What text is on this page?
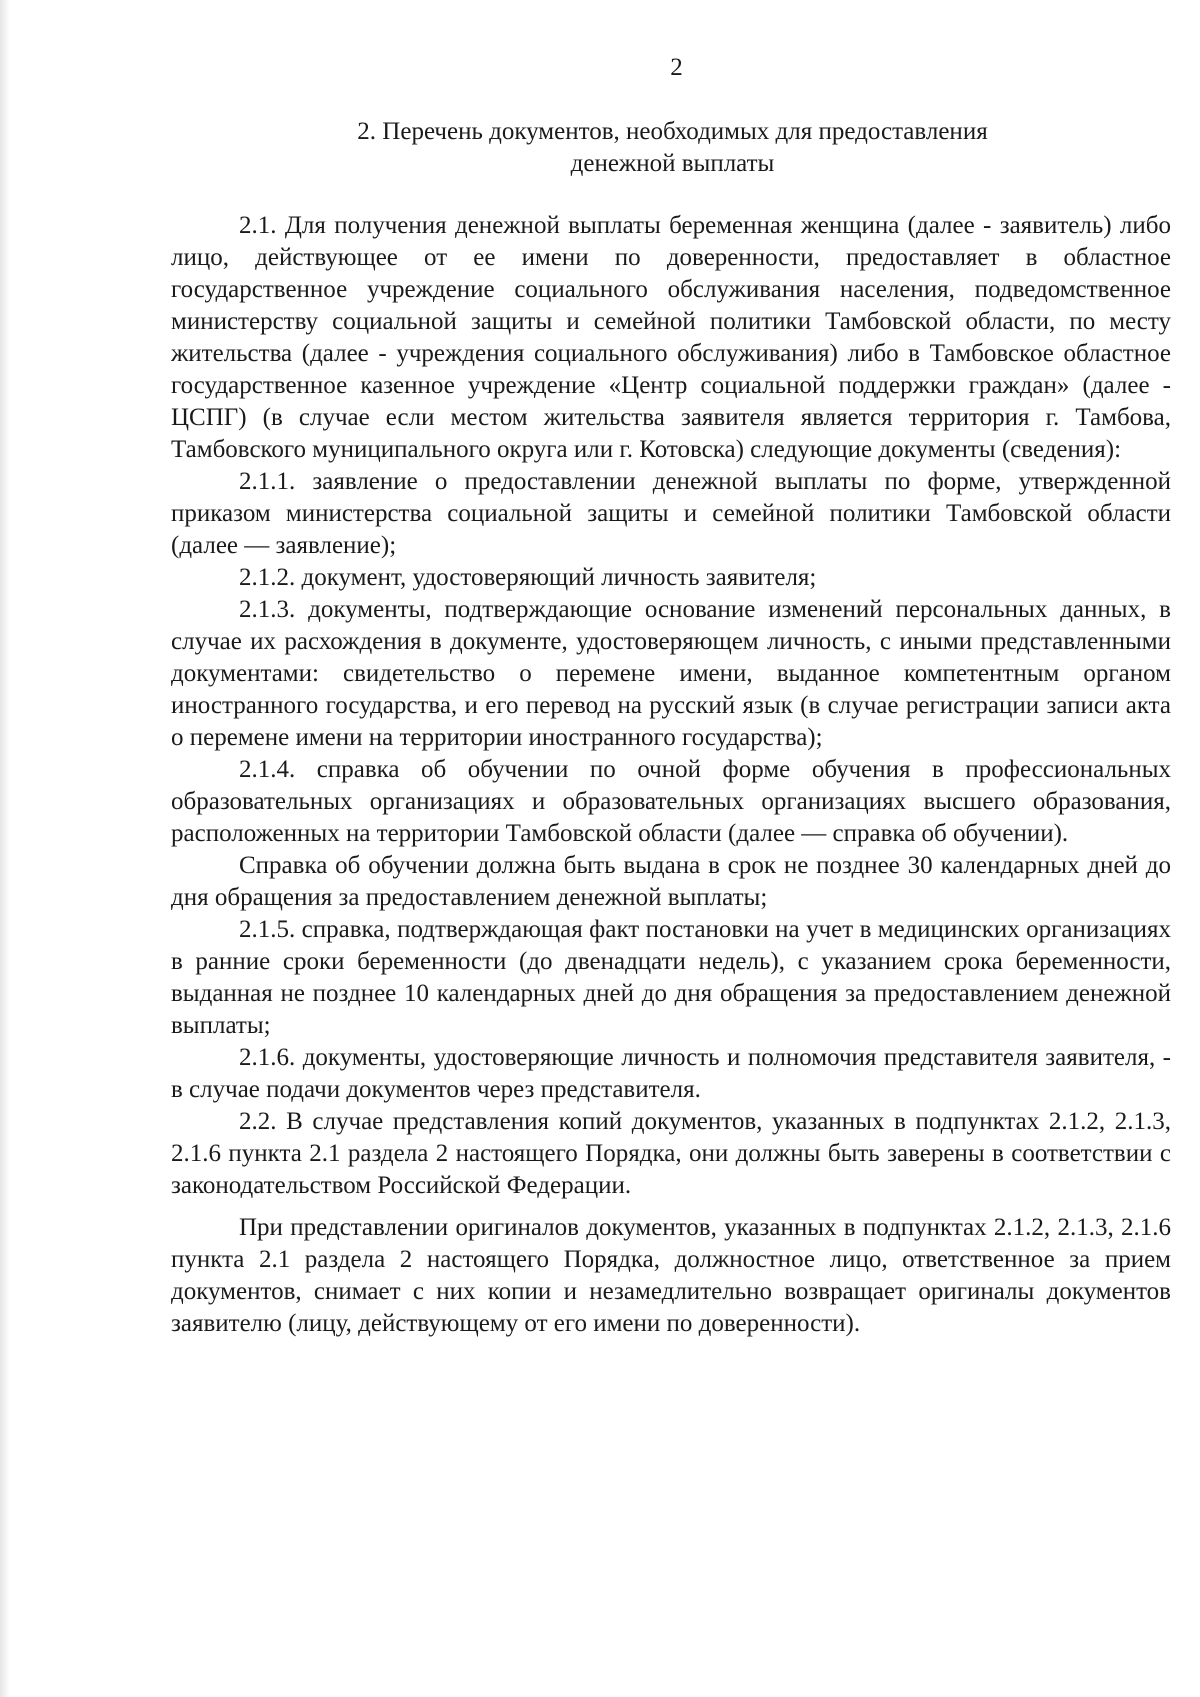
2
2. Перечень документов, необходимых для предоставления
денежной выплаты

2.1. Для получения денежной выплаты беременная женщина (далее - заявитель) либо лицо, действующее от ее имени по доверенности, предоставляет в областное государственное учреждение социального обслуживания населения, подведомственное министерству социальной защиты и семейной политики Тамбовской области, по месту жительства (далее - учреждения социального обслуживания) либо в Тамбовское областное государственное казенное учреждение «Центр социальной поддержки граждан» (далее - ЦСПГ) (в случае если местом жительства заявителя является территория г. Тамбова, Тамбовского муниципального округа или г. Котовска) следующие документы (сведения):

2.1.1. заявление о предоставлении денежной выплаты по форме, утвержденной приказом министерства социальной защиты и семейной политики Тамбовской области (далее — заявление);

2.1.2. документ, удостоверяющий личность заявителя;

2.1.3. документы, подтверждающие основание изменений персональных данных, в случае их расхождения в документе, удостоверяющем личность, с иными представленными документами: свидетельство о перемене имени, выданное компетентным органом иностранного государства, и его перевод на русский язык (в случае регистрации записи акта о перемене имени на территории иностранного государства);

2.1.4. справка об обучении по очной форме обучения в профессиональных образовательных организациях и образовательных организациях высшего образования, расположенных на территории Тамбовской области (далее — справка об обучении).

Справка об обучении должна быть выдана в срок не позднее 30 календарных дней до дня обращения за предоставлением денежной выплаты;

2.1.5. справка, подтверждающая факт постановки на учет в медицинских организациях в ранние сроки беременности (до двенадцати недель), с указанием срока беременности, выданная не позднее 10 календарных дней до дня обращения за предоставлением денежной выплаты;

2.1.6. документы, удостоверяющие личность и полномочия представителя заявителя, - в случае подачи документов через представителя.

2.2. В случае представления копий документов, указанных в подпунктах 2.1.2, 2.1.3, 2.1.6 пункта 2.1 раздела 2 настоящего Порядка, они должны быть заверены в соответствии с законодательством Российской Федерации.

При представлении оригиналов документов, указанных в подпунктах 2.1.2, 2.1.3, 2.1.6 пункта 2.1 раздела 2 настоящего Порядка, должностное лицо, ответственное за прием документов, снимает с них копии и незамедлительно возвращает оригиналы документов заявителю (лицу, действующему от его имени по доверенности).
